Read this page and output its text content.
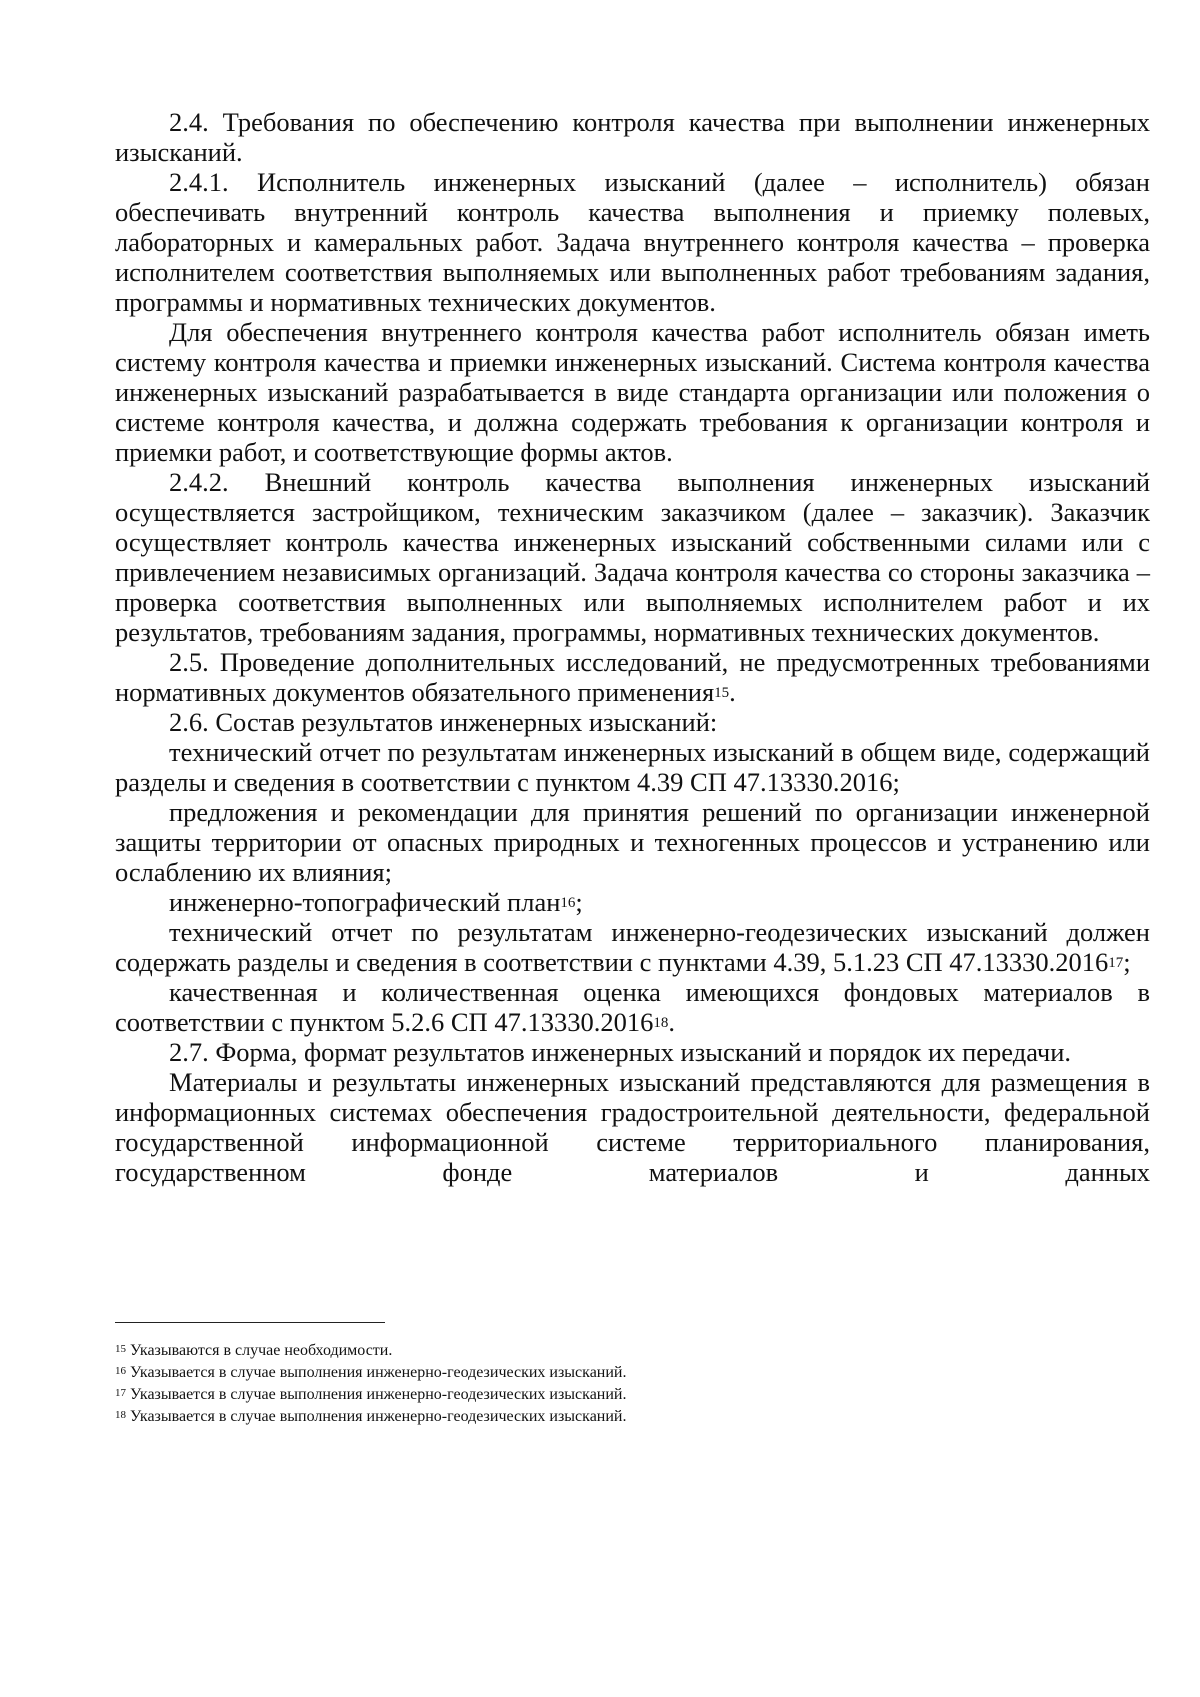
2.4. Требования по обеспечению контроля качества при выполнении инженерных изысканий.

2.4.1. Исполнитель инженерных изысканий (далее – исполнитель) обязан обеспечивать внутренний контроль качества выполнения и приемку полевых, лабораторных и камеральных работ. Задача внутреннего контроля качества – проверка исполнителем соответствия выполняемых или выполненных работ требованиям задания, программы и нормативных технических документов.

Для обеспечения внутреннего контроля качества работ исполнитель обязан иметь систему контроля качества и приемки инженерных изысканий. Система контроля качества инженерных изысканий разрабатывается в виде стандарта организации или положения о системе контроля качества, и должна содержать требования к организации контроля и приемки работ, и соответствующие формы актов.

2.4.2. Внешний контроль качества выполнения инженерных изысканий осуществляется застройщиком, техническим заказчиком (далее – заказчик). Заказчик осуществляет контроль качества инженерных изысканий собственными силами или с привлечением независимых организаций. Задача контроля качества со стороны заказчика – проверка соответствия выполненных или выполняемых исполнителем работ и их результатов, требованиям задания, программы, нормативных технических документов.

2.5. Проведение дополнительных исследований, не предусмотренных требованиями нормативных документов обязательного применения$^{15}$.

2.6. Состав результатов инженерных изысканий:

технический отчет по результатам инженерных изысканий в общем виде, содержащий разделы и сведения в соответствии с пунктом 4.39 СП 47.13330.2016;

предложения и рекомендации для принятия решений по организации инженерной защиты территории от опасных природных и техногенных процессов и устранению или ослаблению их влияния;

инженерно-топографический план$^{16}$;

технический отчет по результатам инженерно-геодезических изысканий должен содержать разделы и сведения в соответствии с пунктами 4.39, 5.1.23 СП 47.13330.2016$^{17}$;

качественная и количественная оценка имеющихся фондовых материалов в соответствии с пунктом 5.2.6 СП 47.13330.2016$^{18}$.

2.7. Форма, формат результатов инженерных изысканий и порядок их передачи.

Материалы и результаты инженерных изысканий представляются для размещения в информационных системах обеспечения градостроительной деятельности, федеральной государственной информационной системе территориального планирования, государственном фонде материалов и данных

$^{15}$ Указываются в случае необходимости.

$^{16}$ Указывается в случае выполнения инженерно-геодезических изысканий.

$^{17}$ Указывается в случае выполнения инженерно-геодезических изысканий.

$^{18}$ Указывается в случае выполнения инженерно-геодезических изысканий.
